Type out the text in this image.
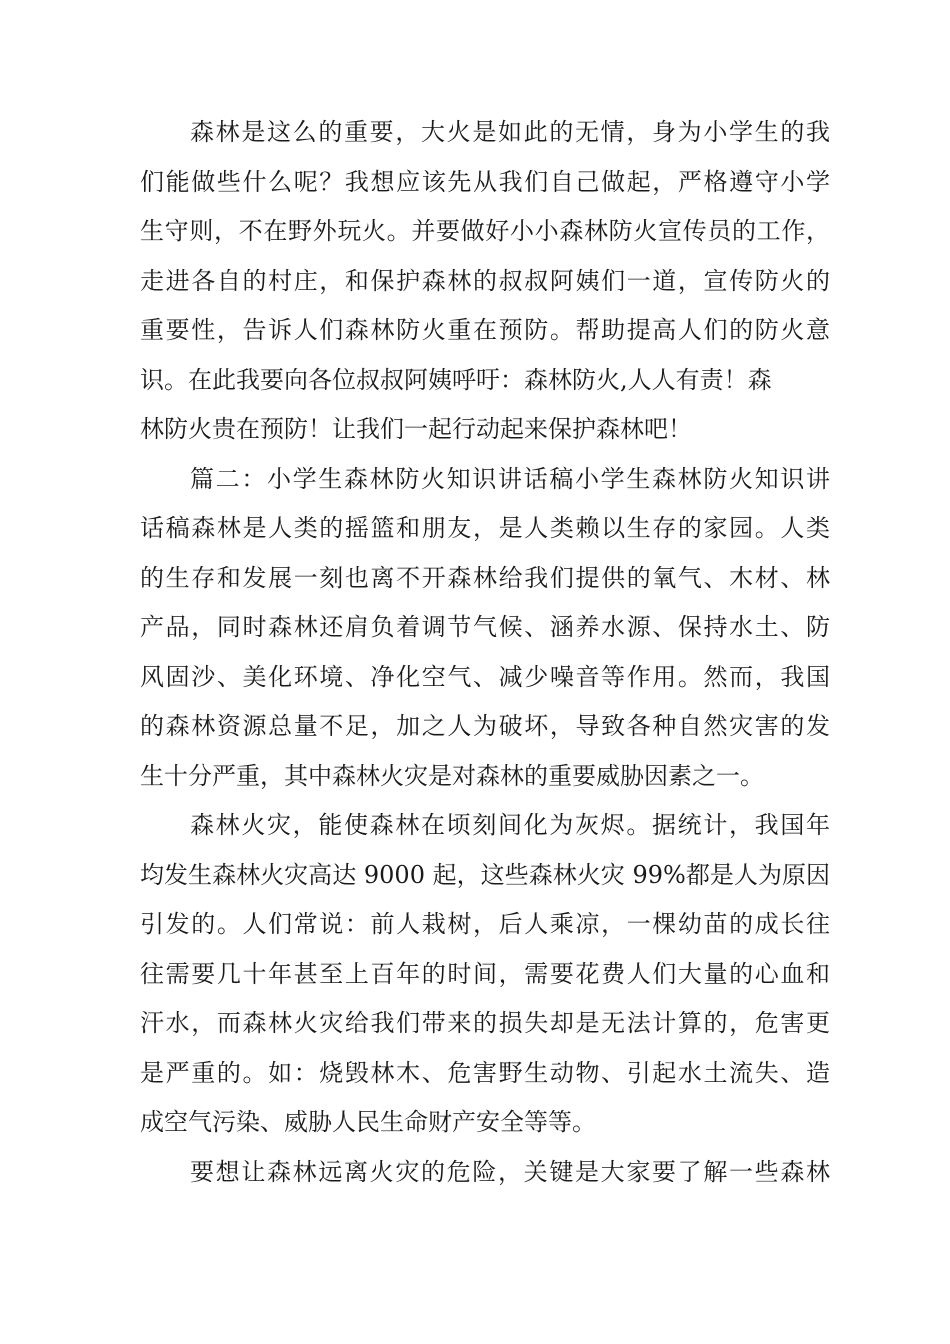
森林是这么的重要，大火是如此的无情，身为小学生的我
们能做些什么呢？我想应该先从我们自己做起，严格遵守小学
生守则，不在野外玩火。并要做好小小森林防火宣传员的工作，
走进各自的村庄，和保护森林的叔叔阿姨们一道，宣传防火的
重要性，告诉人们森林防火重在预防。帮助提高人们的防火意
识。在此我要向各位叔叔阿姨呼吁：森林防火,人人有责！森
林防火贵在预防！让我们一起行动起来保护森林吧！
篇二：小学生森林防火知识讲话稿小学生森林防火知识讲
话稿森林是人类的摇篮和朋友，是人类赖以生存的家园。人类
的生存和发展一刻也离不开森林给我们提供的氧气、木材、林
产品，同时森林还肩负着调节气候、涵养水源、保持水土、防
风固沙、美化环境、净化空气、减少噪音等作用。然而，我国
的森林资源总量不足，加之人为破坏，导致各种自然灾害的发
生十分严重，其中森林火灾是对森林的重要威胁因素之一。
森林火灾，能使森林在顷刻间化为灰烬。据统计，我国年
均发生森林火灾高达 9000 起，这些森林火灾 99%都是人为原因
引发的。人们常说：前人栽树，后人乘凉，一棵幼苗的成长往
往需要几十年甚至上百年的时间，需要花费人们大量的心血和
汗水，而森林火灾给我们带来的损失却是无法计算的，危害更
是严重的。如：烧毁林木、危害野生动物、引起水土流失、造
成空气污染、威胁人民生命财产安全等等。
要想让森林远离火灾的危险，关键是大家要了解一些森林
